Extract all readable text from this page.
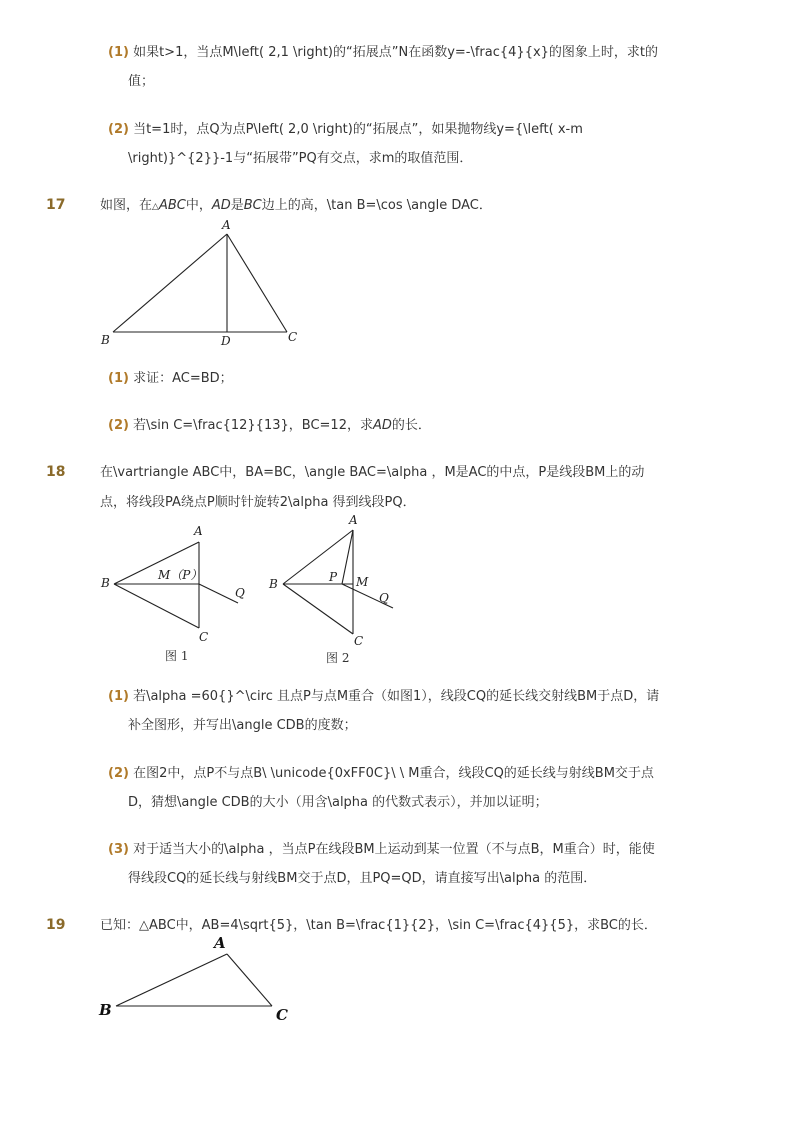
(1) 如果t>1，当点M\left( 2,1 \right)的“拓展点”N在函数y=-\frac{4}{x}的图象上时，求t的
值；
(2) 当t=1时，点Q为点P\left( 2,0 \right)的“拓展点”，如果抛物线y={\left( x-m
\right)}^{2}}-1与“拓展带”PQ有交点，求m的取值范围．
17	如图，在△ABC中，AD是BC边上的高，\tan B=\cos \angle DAC．
A
B	C
D
(1) 求证：AC=BD；
(2) 若\sin C=\frac{12}{13}，BC=12，求AD的长．
18	在\vartriangle ABC中，BA=BC，\angle BAC=\alpha ，M是AC的中点，P是线段BM上的动
点，将线段PA绕点P顺时针旋转2\alpha 得到线段PQ．
A
B
C
M（P）
Q
图 1
A
B
C
P M
Q
图 2
(1) 若\alpha =60{}^\circ 且点P与点M重合（如图1），线段CQ的延长线交射线BM于点D，请
补全图形，并写出\angle CDB的度数；
(2) 在图2中，点P不与点B\ \unicode{0xFF0C}\ \ M重合，线段CQ的延长线与射线BM交于点
D，猜想\angle CDB的大小（用含\alpha 的代数式表示），并加以证明；
(3) 对于适当大小的\alpha ，当点P在线段BM上运动到某一位置（不与点B，M重合）时，能使
得线段CQ的延长线与射线BM交于点D，且PQ=QD，请直接写出\alpha 的范围．
19	已知：△ABC中，AB=4\sqrt{5}，\tan B=\frac{1}{2}，\sin C=\frac{4}{5}，求BC的长．
A
B	C
